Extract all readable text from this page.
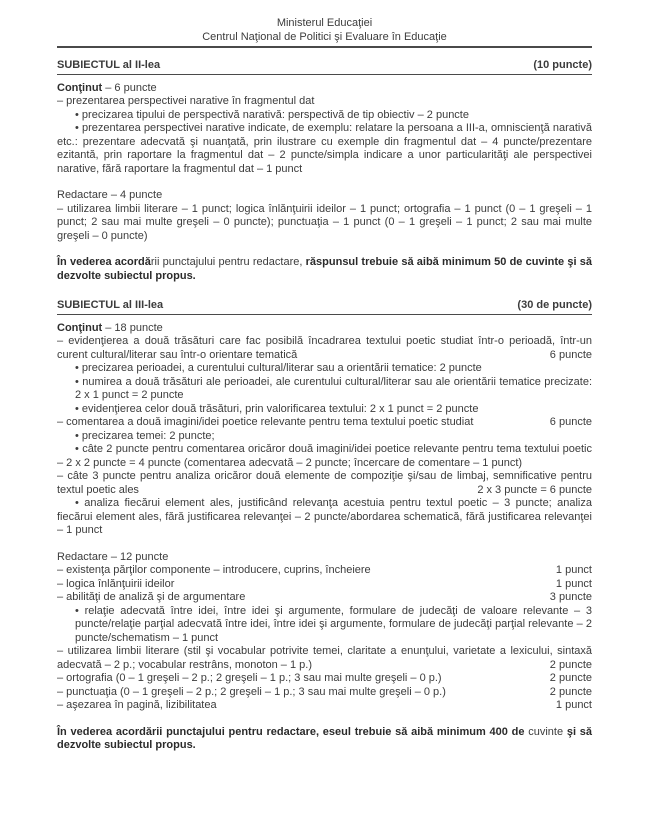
Ministerul Educaţiei
Centrul Naţional de Politici şi Evaluare în Educaţie
SUBIECTUL al II-lea	(10 puncte)
Conţinut – 6 puncte
– prezentarea perspectivei narative în fragmentul dat
• precizarea tipului de perspectivă narativă: perspectivă de tip obiectiv – 2 puncte
• prezentarea perspectivei narative indicate, de exemplu: relatare la persoana a III-a, omniscienţă narativă etc.: prezentare adecvată şi nuanţată, prin ilustrare cu exemple din fragmentul dat – 4 puncte/prezentare ezitantă, prin raportare la fragmentul dat – 2 puncte/simpla indicare a unor particularităţi ale perspectivei narative, fără raportare la fragmentul dat – 1 punct
Redactare – 4 puncte
– utilizarea limbii literare – 1 punct; logica înlănţuirii ideilor – 1 punct; ortografia – 1 punct (0 – 1 greşeli – 1 punct; 2 sau mai multe greşeli – 0 puncte); punctuaţia – 1 punct (0 – 1 greşeli – 1 punct; 2 sau mai multe greşeli – 0 puncte)
În vederea acordării punctajului pentru redactare, răspunsul trebuie să aibă minimum 50 de cuvinte şi să dezvolte subiectul propus.
SUBIECTUL al III-lea	(30 de puncte)
Conţinut – 18 puncte
– evidenţierea a două trăsături care fac posibilă încadrarea textului poetic studiat într-o perioadă, într-un curent cultural/literar sau într-o orientare tematică	6 puncte
• precizarea perioadei, a curentului cultural/literar sau a orientării tematice: 2 puncte
• numirea a două trăsături ale perioadei, ale curentului cultural/literar sau ale orientării tematice precizate: 2 x 1 punct = 2 puncte
• evidenţierea celor două trăsături, prin valorificarea textului: 2 x 1 punct = 2 puncte
– comentarea a două imagini/idei poetice relevante pentru tema textului poetic studiat	6 puncte
• precizarea temei: 2 puncte;
• câte 2 puncte pentru comentarea oricăror două imagini/idei poetice relevante pentru tema textului poetic – 2 x 2 puncte = 4 puncte (comentarea adecvată – 2 puncte; încercare de comentare – 1 punct)
– câte 3 puncte pentru analiza oricăror două elemente de compoziţie şi/sau de limbaj, semnificative pentru textul poetic ales	2 x 3 puncte = 6 puncte
• analiza fiecărui element ales, justificând relevanţa acestuia pentru textul poetic – 3 puncte; analiza fiecărui element ales, fără justificarea relevanţei – 2 puncte/abordarea schematică, fără justificarea relevanţei – 1 punct
Redactare – 12 puncte
– existenţa părţilor componente – introducere, cuprins, încheiere	1 punct
– logica înlănţuirii ideilor	1 punct
– abilităţi de analiză şi de argumentare	3 puncte
• relaţie adecvată între idei, între idei şi argumente, formulare de judecăţi de valoare relevante – 3 puncte/relaţie parţial adecvată între idei, între idei şi argumente, formulare de judecăţi parţial relevante – 2 puncte/schematism – 1 punct
– utilizarea limbii literare (stil şi vocabular potrivite temei, claritate a enunţului, varietate a lexicului, sintaxă adecvată – 2 p.; vocabular restrâns, monoton – 1 p.)	2 puncte
– ortografia (0 – 1 greşeli – 2 p.; 2 greşeli – 1 p.; 3 sau mai multe greşeli – 0 p.)	2 puncte
– punctuaţia (0 – 1 greşeli – 2 p.; 2 greşeli – 1 p.; 3 sau mai multe greşeli – 0 p.)	2 puncte
– aşezarea în pagină, lizibilitatea	1 punct
În vederea acordării punctajului pentru redactare, eseul trebuie să aibă minimum 400 de cuvinte şi să dezvolte subiectul propus.
